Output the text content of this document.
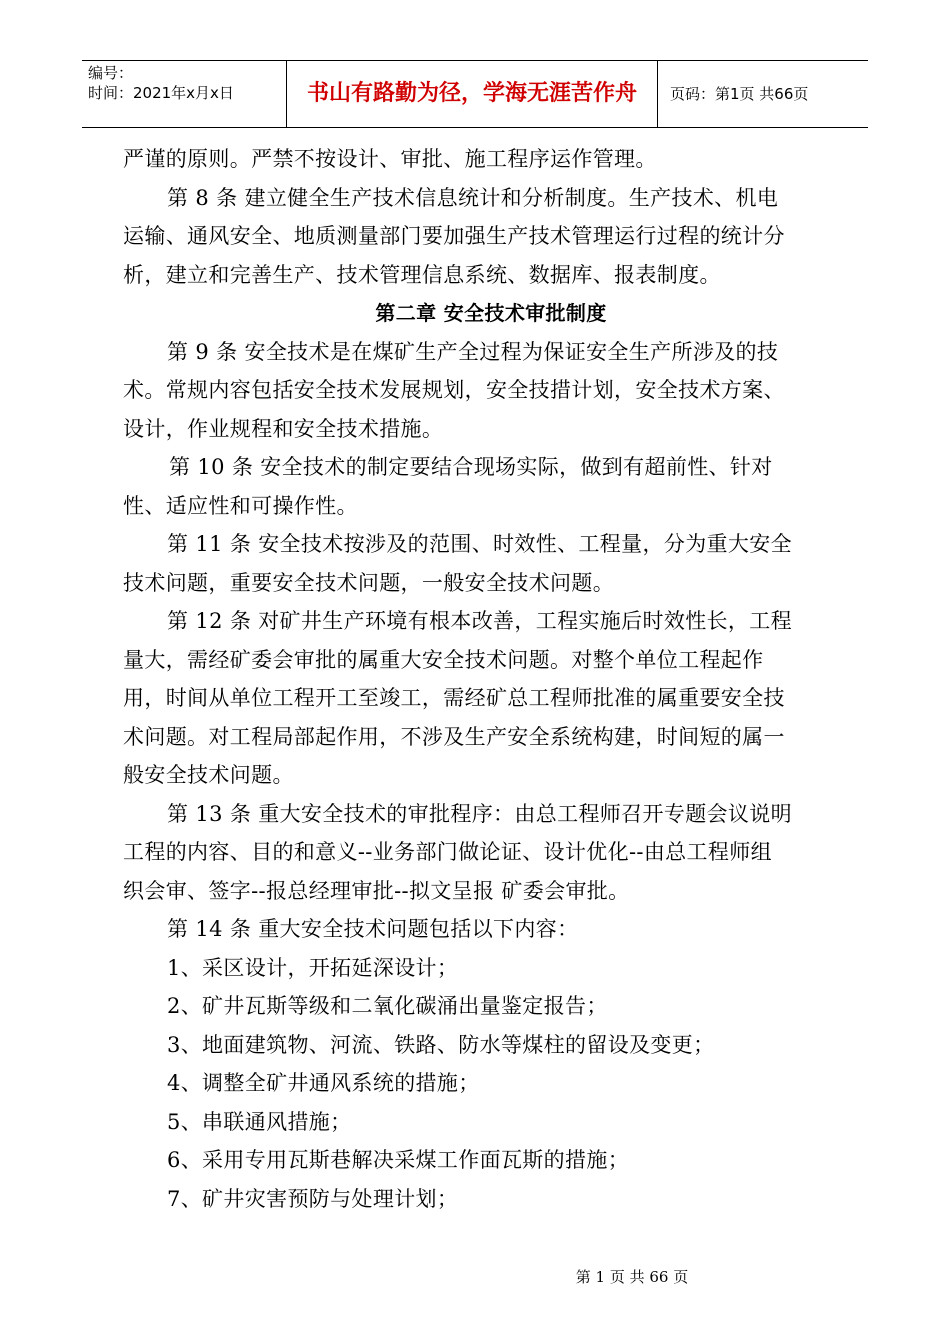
编号：
时间：2021年x月x日	书山有路勤为径，学海无涯苦作舟	页码：第1页 共66页
严谨的原则。严禁不按设计、审批、施工程序运作管理。
第 8 条 建立健全生产技术信息统计和分析制度。生产技术、机电
运输、通风安全、地质测量部门要加强生产技术管理运行过程的统计分
析，建立和完善生产、技术管理信息系统、数据库、报表制度。
第二章 安全技术审批制度
第 9 条 安全技术是在煤矿生产全过程为保证安全生产所涉及的技
术。常规内容包括安全技术发展规划，安全技措计划，安全技术方案、
设计，作业规程和安全技术措施。
第 10 条 安全技术的制定要结合现场实际，做到有超前性、针对
性、适应性和可操作性。
第 11 条 安全技术按涉及的范围、时效性、工程量，分为重大安全
技术问题，重要安全技术问题，一般安全技术问题。
第 12 条 对矿井生产环境有根本改善，工程实施后时效性长，工程
量大，需经矿委会审批的属重大安全技术问题。对整个单位工程起作
用，时间从单位工程开工至竣工，需经矿总工程师批准的属重要安全技
术问题。对工程局部起作用，不涉及生产安全系统构建，时间短的属一
般安全技术问题。
第 13 条 重大安全技术的审批程序：由总工程师召开专题会议说明
工程的内容、目的和意义--业务部门做论证、设计优化--由总工程师组
织会审、签字--报总经理审批--拟文呈报 矿委会审批。
第 14 条 重大安全技术问题包括以下内容：
1、采区设计，开拓延深设计；
2、矿井瓦斯等级和二氧化碳涌出量鉴定报告；
3、地面建筑物、河流、铁路、防水等煤柱的留设及变更；
4、调整全矿井通风系统的措施；
5、串联通风措施；
6、采用专用瓦斯巷解决采煤工作面瓦斯的措施；
7、矿井灾害预防与处理计划；
第 1 页 共 66 页
